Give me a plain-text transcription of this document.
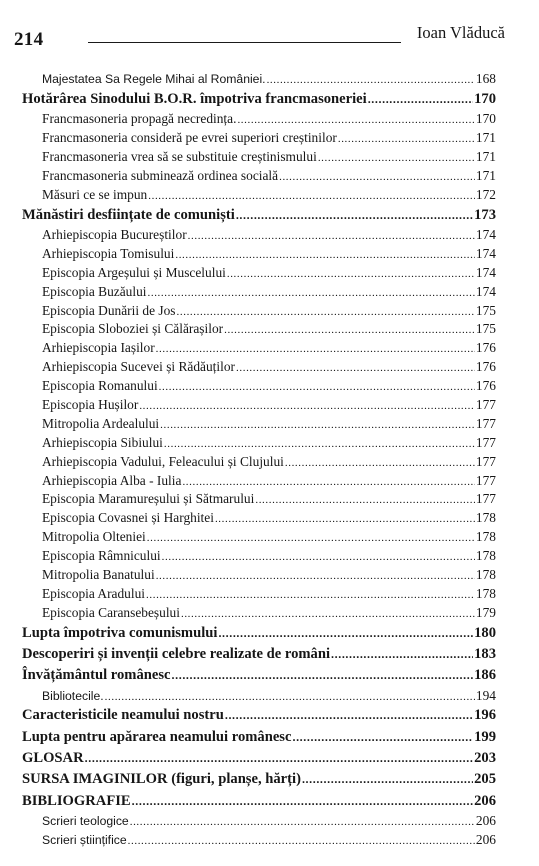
214	Ioan Vlăducă
Majestatea Sa Regele Mihai al României. .....	168
Hotărârea Sinodului B.O.R. împotriva francmasoneriei .....	170
Francmasoneria propagă necredința. .....	170
Francmasoneria consideră pe evrei superiori creștinilor .....	171
Francmasoneria vrea să se substituie creștinismului .....	171
Francmasoneria subminează ordinea socială .....	171
Măsuri ce se impun .....	172
Mănăstiri desființate de comuniști .....	173
Arhiepiscopia Bucureștilor .....	174
Arhiepiscopia Tomisului .....	174
Episcopia Argeșului și Muscelului .....	174
Episcopia Buzăului .....	174
Episcopia Dunării de Jos .....	175
Episcopia Sloboziei și Călărașilor .....	175
Arhiepiscopia Iașilor .....	176
Arhiepiscopia Sucevei și Rădăuților .....	176
Episcopia Romanului .....	176
Episcopia Hușilor .....	177
Mitropolia Ardealului .....	177
Arhiepiscopia Sibiului .....	177
Arhiepiscopia Vadului, Feleacului și Clujului .....	177
Arhiepiscopia Alba - Iulia .....	177
Episcopia Maramureșului și Sătmarului .....	177
Episcopia Covasnei și Harghitei .....	178
Mitropolia Olteniei .....	178
Episcopia Râmnicului .....	178
Mitropolia Banatului .....	178
Episcopia Aradului .....	178
Episcopia Caransebeșului .....	179
Lupta împotriva comunismului .....	180
Descoperiri și invenții celebre realizate de români .....	183
Învățământul românesc .....	186
Bibliotecile. .....	194
Caracteristicile neamului nostru .....	196
Lupta pentru apărarea neamului românesc .....	199
GLOSAR .....	203
SURSA IMAGINILOR (figuri, planșe, hărți) .....	205
BIBLIOGRAFIE .....	206
Scrieri teologice .....	206
Scrieri științifice .....	206
